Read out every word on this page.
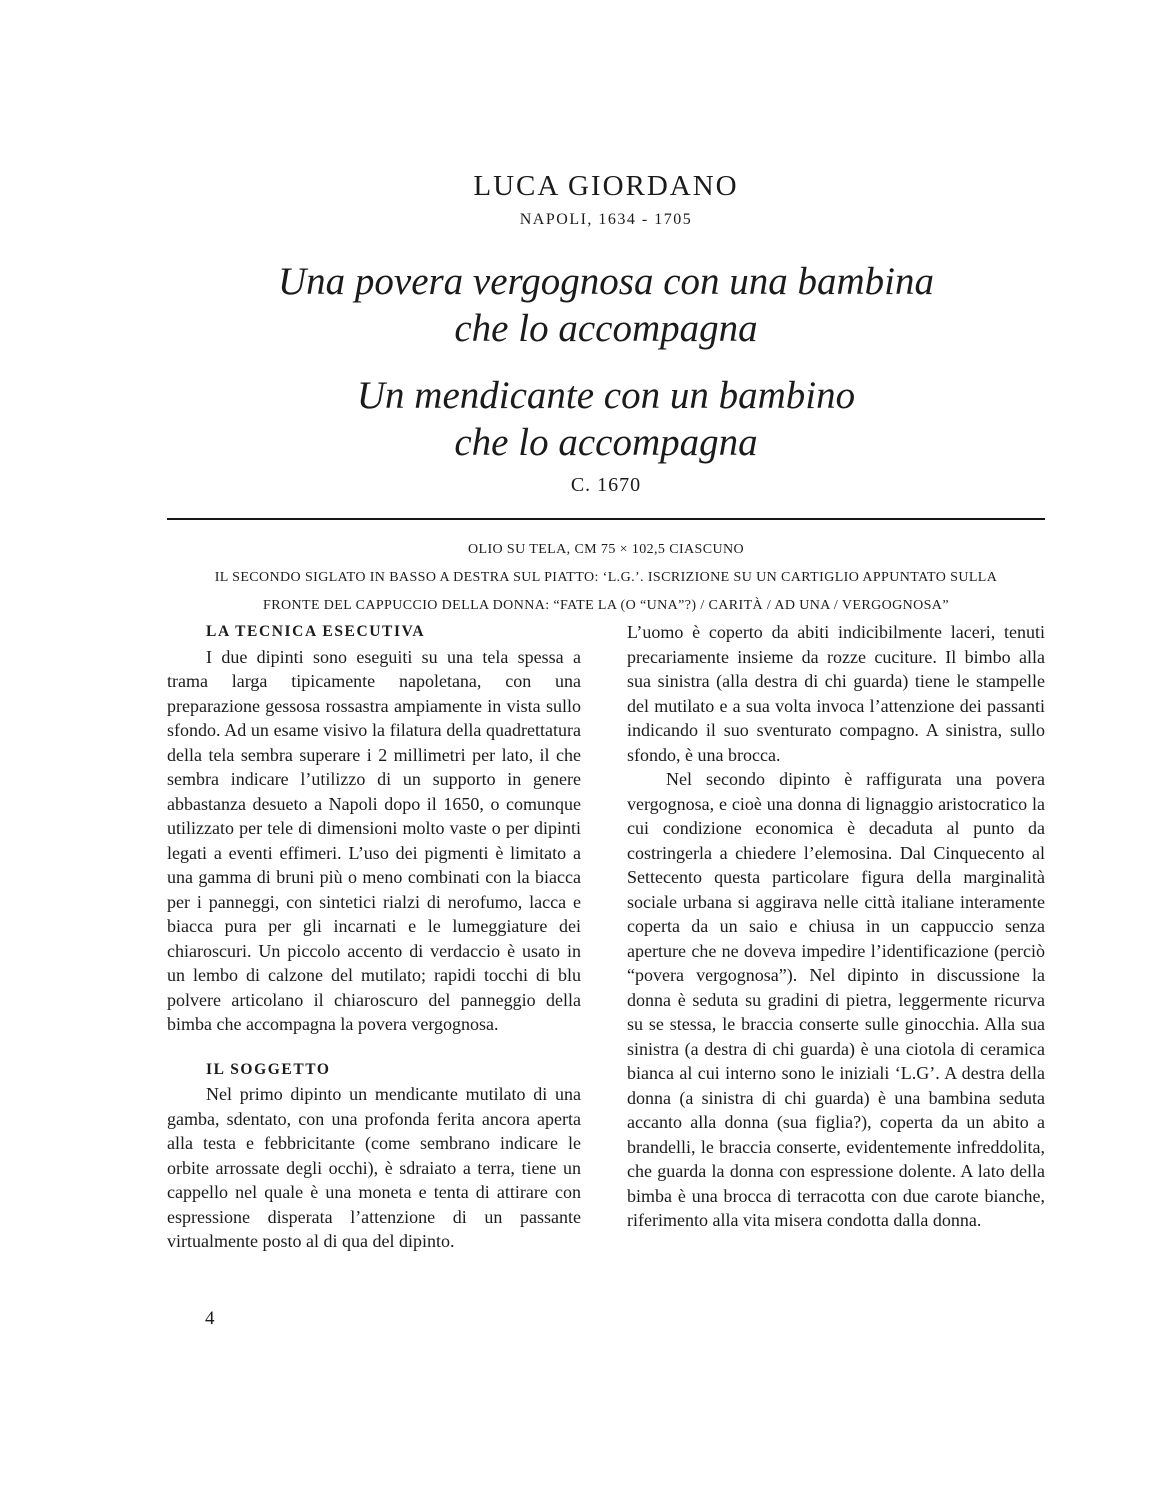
LUCA GIORDANO
NAPOLI, 1634 - 1705
Una povera vergognosa con una bambina
che lo accompagna
Un mendicante con un bambino
che lo accompagna
C. 1670
OLIO SU TELA, CM 75 × 102,5 CIASCUNO
IL SECONDO SIGLATO IN BASSO A DESTRA SUL PIATTO: ‘L.G.’. ISCRIZIONE SU UN CARTIGLIO APPUNTATO SULLA
FRONTE DEL CAPPUCCIO DELLA DONNA: “FATE LA (O “UNA”?) / CARITÀ / AD UNA / VERGOGNOSA”
LA TECNICA ESECUTIVA

I due dipinti sono eseguiti su una tela spessa a trama larga tipicamente napoletana, con una preparazione gessosa rossastra ampiamente in vista sullo sfondo. Ad un esame visivo la filatura della quadrettatura della tela sembra superare i 2 millimetri per lato, il che sembra indicare l’utilizzo di un supporto in genere abbastanza desueto a Napoli dopo il 1650, o comunque utilizzato per tele di dimensioni molto vaste o per dipinti legati a eventi effimeri. L’uso dei pigmenti è limitato a una gamma di bruni più o meno combinati con la biacca per i panneggi, con sintetici rialzi di nerofumo, lacca e biacca pura per gli incarnati e le lumeggiature dei chiaroscuri. Un piccolo accento di verdaccio è usato in un lembo di calzone del mutilato; rapidi tocchi di blu polvere articolano il chiaroscuro del panneggio della bimba che accompagna la povera vergognosa.

IL SOGGETTO

Nel primo dipinto un mendicante mutilato di una gamba, sdentato, con una profonda ferita ancora aperta alla testa e febbricitante (come sembrano indicare le orbite arrossate degli occhi), è sdraiato a terra, tiene un cappello nel quale è una moneta e tenta di attirare con espressione disperata l’attenzione di un passante virtualmente posto al di qua del dipinto.

L’uomo è coperto da abiti indicibilmente laceri, tenuti precariamente insieme da rozze cuciture. Il bimbo alla sua sinistra (alla destra di chi guarda) tiene le stampelle del mutilato e a sua volta invoca l’attenzione dei passanti indicando il suo sventurato compagno. A sinistra, sullo sfondo, è una brocca.

Nel secondo dipinto è raffigurata una povera vergognosa, e cioè una donna di lignaggio aristocratico la cui condizione economica è decaduta al punto da costringerla a chiedere l’elemosina. Dal Cinquecento al Settecento questa particolare figura della marginalità sociale urbana si aggirava nelle città italiane interamente coperta da un saio e chiusa in un cappuccio senza aperture che ne doveva impedire l’identificazione (perciò “povera vergognosa”). Nel dipinto in discussione la donna è seduta su gradini di pietra, leggermente ricurva su se stessa, le braccia conserte sulle ginocchia. Alla sua sinistra (a destra di chi guarda) è una ciotola di ceramica bianca al cui interno sono le iniziali ‘L.G’. A destra della donna (a sinistra di chi guarda) è una bambina seduta accanto alla donna (sua figlia?), coperta da un abito a brandelli, le braccia conserte, evidentemente infreddolita, che guarda la donna con espressione dolente. A lato della bimba è una brocca di terracotta con due carote bianche, riferimento alla vita misera condotta dalla donna.

4
